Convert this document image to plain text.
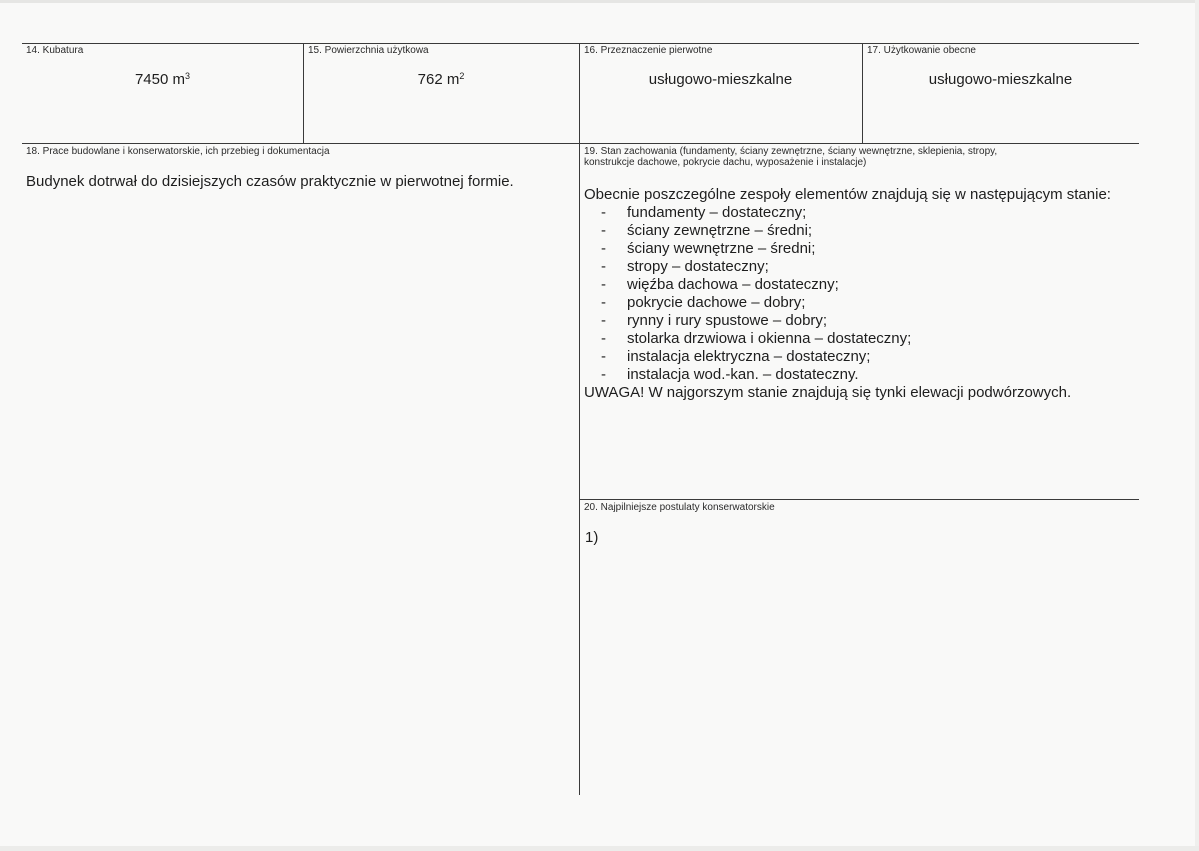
14. Kubatura
7450 $m^3$
15. Powierzchnia użytkowa
762 $m^2$
16. Przeznaczenie pierwotne
usługowo-mieszkalne
17. Użytkowanie obecne
usługowo-mieszkalne
18. Prace budowlane i konserwatorskie, ich przebieg i dokumentacja
Budynek dotrwał do dzisiejszych czasów praktycznie w pierwotnej formie.
19. Stan zachowania (fundamenty, ściany zewnętrzne, ściany wewnętrzne, sklepienia, stropy,
konstrukcje dachowe, pokrycie dachu, wyposażenie i instalacje)
Obecnie poszczególne zespoły elementów znajdują się w następującym stanie:
- fundamenty – dostateczny;
- ściany zewnętrzne – średni;
- ściany wewnętrzne – średni;
- stropy – dostateczny;
- więźba dachowa – dostateczny;
- pokrycie dachowe – dobry;
- rynny i rury spustowe – dobry;
- stolarka drzwiowa i okienna – dostateczny;
- instalacja elektryczna – dostateczny;
- instalacja wod.-kan. – dostateczny.
UWAGA! W najgorszym stanie znajdują się tynki elewacji podwórzowych.
20. Najpilniejsze postulaty konserwatorskie
1)
